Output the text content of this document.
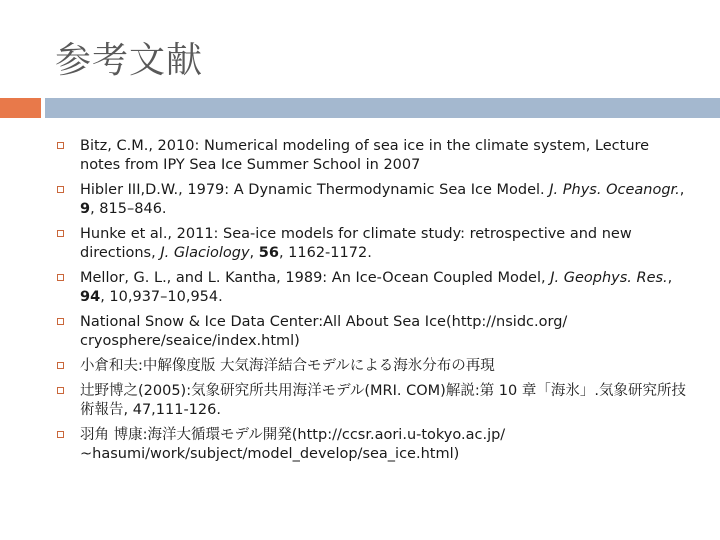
参考文献
Bitz, C.M., 2010: Numerical modeling of sea ice in the climate system, Lecture notes from IPY Sea Ice Summer School in 2007
Hibler III,D.W., 1979: A Dynamic Thermodynamic Sea Ice Model. J. Phys. Oceanogr., 9, 815–846.
Hunke et al., 2011: Sea-ice models for climate study: retrospective and new directions, J. Glaciology, 56, 1162-1172.
Mellor, G. L., and L. Kantha, 1989: An Ice-Ocean Coupled Model, J. Geophys. Res., 94, 10,937–10,954.
National Snow & Ice Data Center:All About Sea Ice(http://nsidc.org/ cryosphere/seaice/index.html)
小倉和夫:中解像度版 大気海洋結合モデルによる海氷分布の再現
辻野博之(2005):気象研究所共用海洋モデル(MRI. COM)解説:第 10 章「海氷」.気象研究所技術報告, 47,111-126.
羽角 博康:海洋大循環モデル開発(http://ccsr.aori.u-tokyo.ac.jp/ ~hasumi/work/subject/model_develop/sea_ice.html)
